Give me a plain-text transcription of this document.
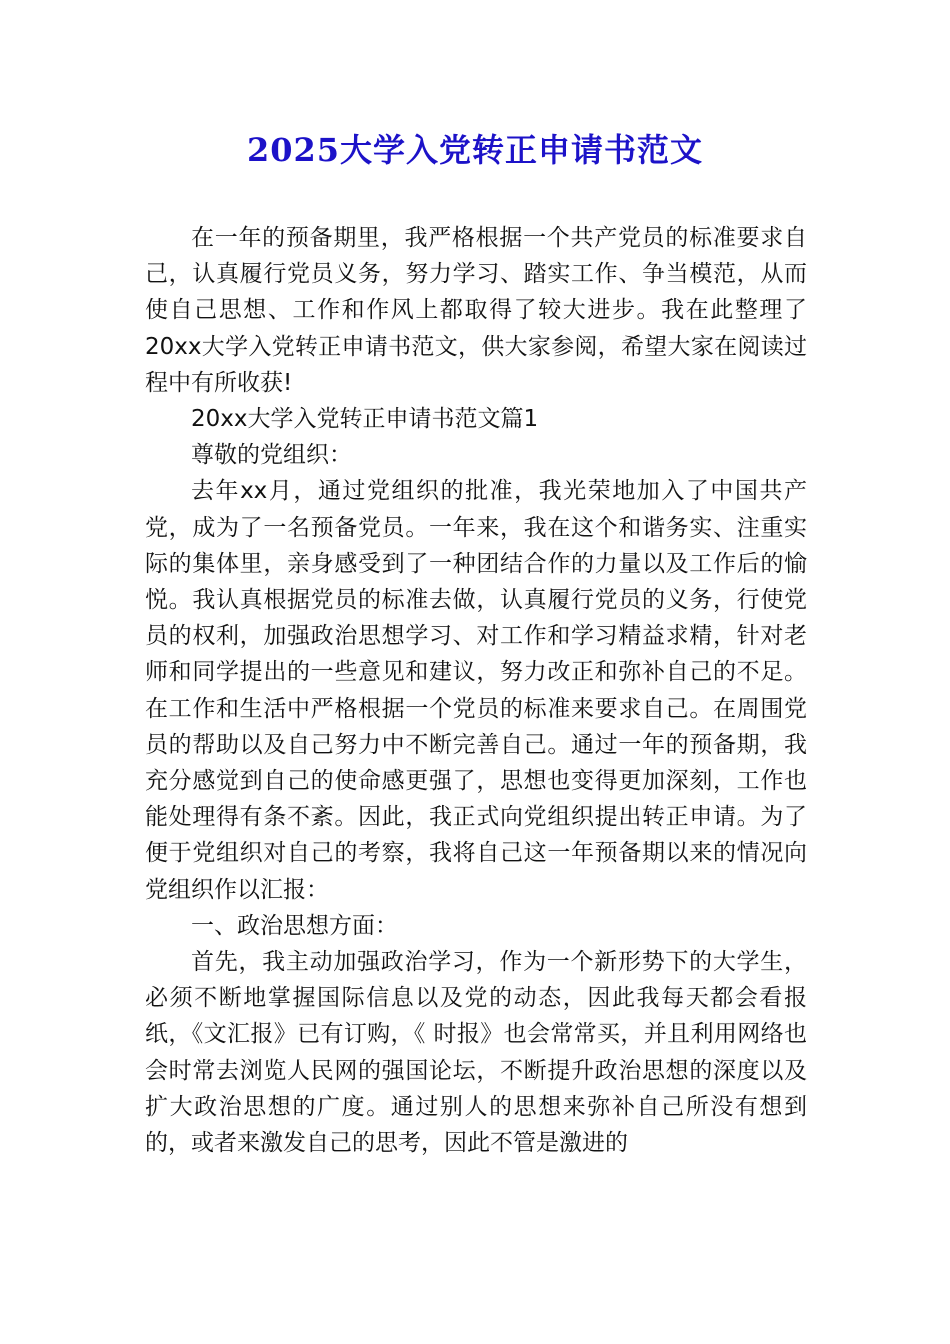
2025大学入党转正申请书范文

在一年的预备期里，我严格根据一个共产党员的标准要求自己，认真履行党员义务，努力学习、踏实工作、争当模范，从而使自己思想、工作和作风上都取得了较大进步。我在此整理了20xx大学入党转正申请书范文，供大家参阅，希望大家在阅读过程中有所收获!

20xx大学入党转正申请书范文篇1

尊敬的党组织：

去年xx月，通过党组织的批准，我光荣地加入了中国共产党，成为了一名预备党员。一年来，我在这个和谐务实、注重实际的集体里，亲身感受到了一种团结合作的力量以及工作后的愉悦。我认真根据党员的标准去做，认真履行党员的义务，行使党员的权利，加强政治思想学习、对工作和学习精益求精，针对老师和同学提出的一些意见和建议，努力改正和弥补自己的不足。在工作和生活中严格根据一个党员的标准来要求自己。在周围党员的帮助以及自己努力中不断完善自己。通过一年的预备期，我充分感觉到自己的使命感更强了，思想也变得更加深刻，工作也能处理得有条不紊。因此，我正式向党组织提出转正申请。为了便于党组织对自己的考察，我将自己这一年预备期以来的情况向党组织作以汇报：

一、政治思想方面：

首先，我主动加强政治学习，作为一个新形势下的大学生，必须不断地掌握国际信息以及党的动态，因此我每天都会看报纸，《文汇报》已有订购，《 时报》也会常常买，并且利用网络也会时常去浏览人民网的强国论坛，不断提升政治思想的深度以及扩大政治思想的广度。通过别人的思想来弥补自己所没有想到的，或者来激发自己的思考，因此不管是激进的
